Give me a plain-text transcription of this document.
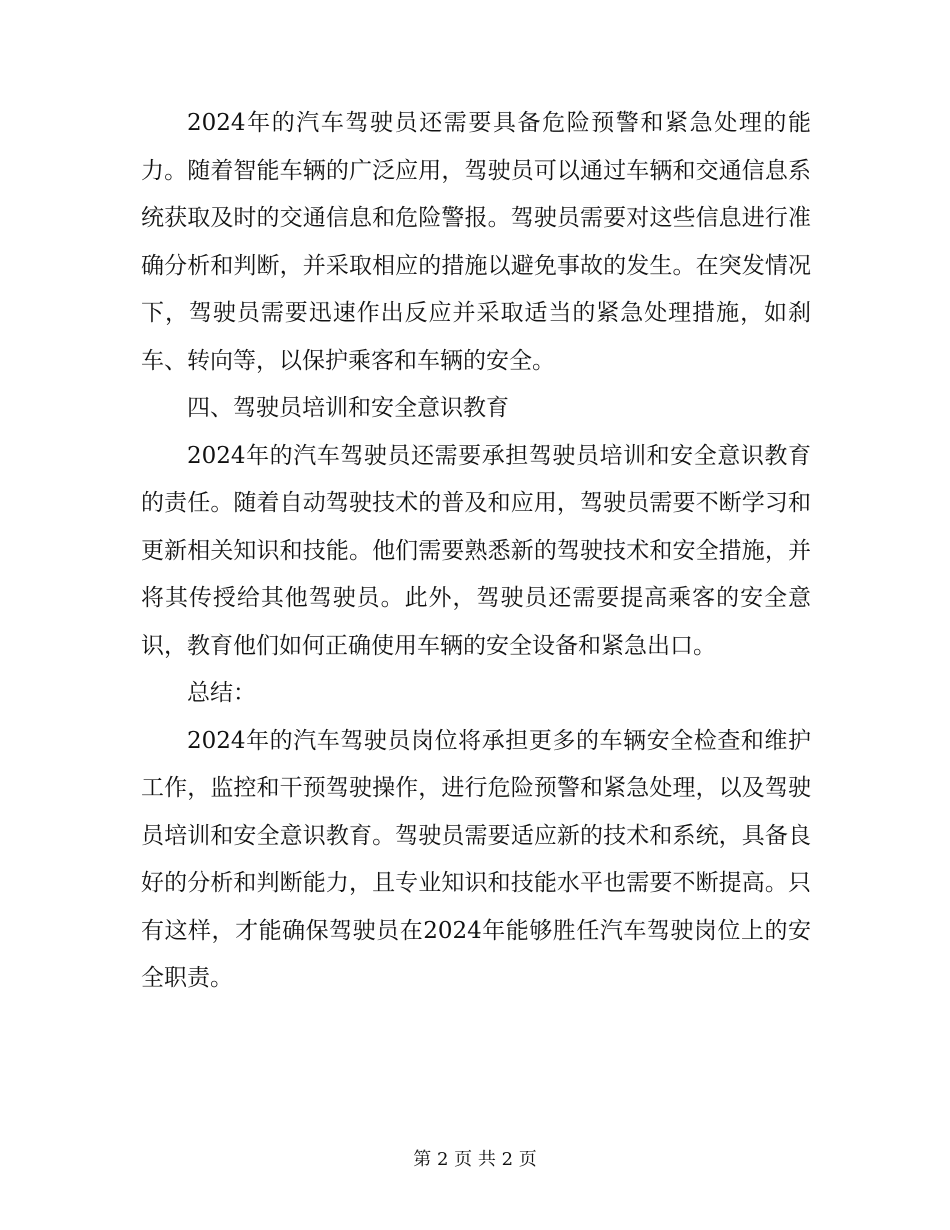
2024年的汽车驾驶员还需要具备危险预警和紧急处理的能力。随着智能车辆的广泛应用，驾驶员可以通过车辆和交通信息系统获取及时的交通信息和危险警报。驾驶员需要对这些信息进行准确分析和判断，并采取相应的措施以避免事故的发生。在突发情况下，驾驶员需要迅速作出反应并采取适当的紧急处理措施，如刹车、转向等，以保护乘客和车辆的安全。

四、驾驶员培训和安全意识教育

2024年的汽车驾驶员还需要承担驾驶员培训和安全意识教育的责任。随着自动驾驶技术的普及和应用，驾驶员需要不断学习和更新相关知识和技能。他们需要熟悉新的驾驶技术和安全措施，并将其传授给其他驾驶员。此外，驾驶员还需要提高乘客的安全意识，教育他们如何正确使用车辆的安全设备和紧急出口。

总结：

2024年的汽车驾驶员岗位将承担更多的车辆安全检查和维护工作，监控和干预驾驶操作，进行危险预警和紧急处理，以及驾驶员培训和安全意识教育。驾驶员需要适应新的技术和系统，具备良好的分析和判断能力，且专业知识和技能水平也需要不断提高。只有这样，才能确保驾驶员在2024年能够胜任汽车驾驶岗位上的安全职责。

第 2 页 共 2 页
